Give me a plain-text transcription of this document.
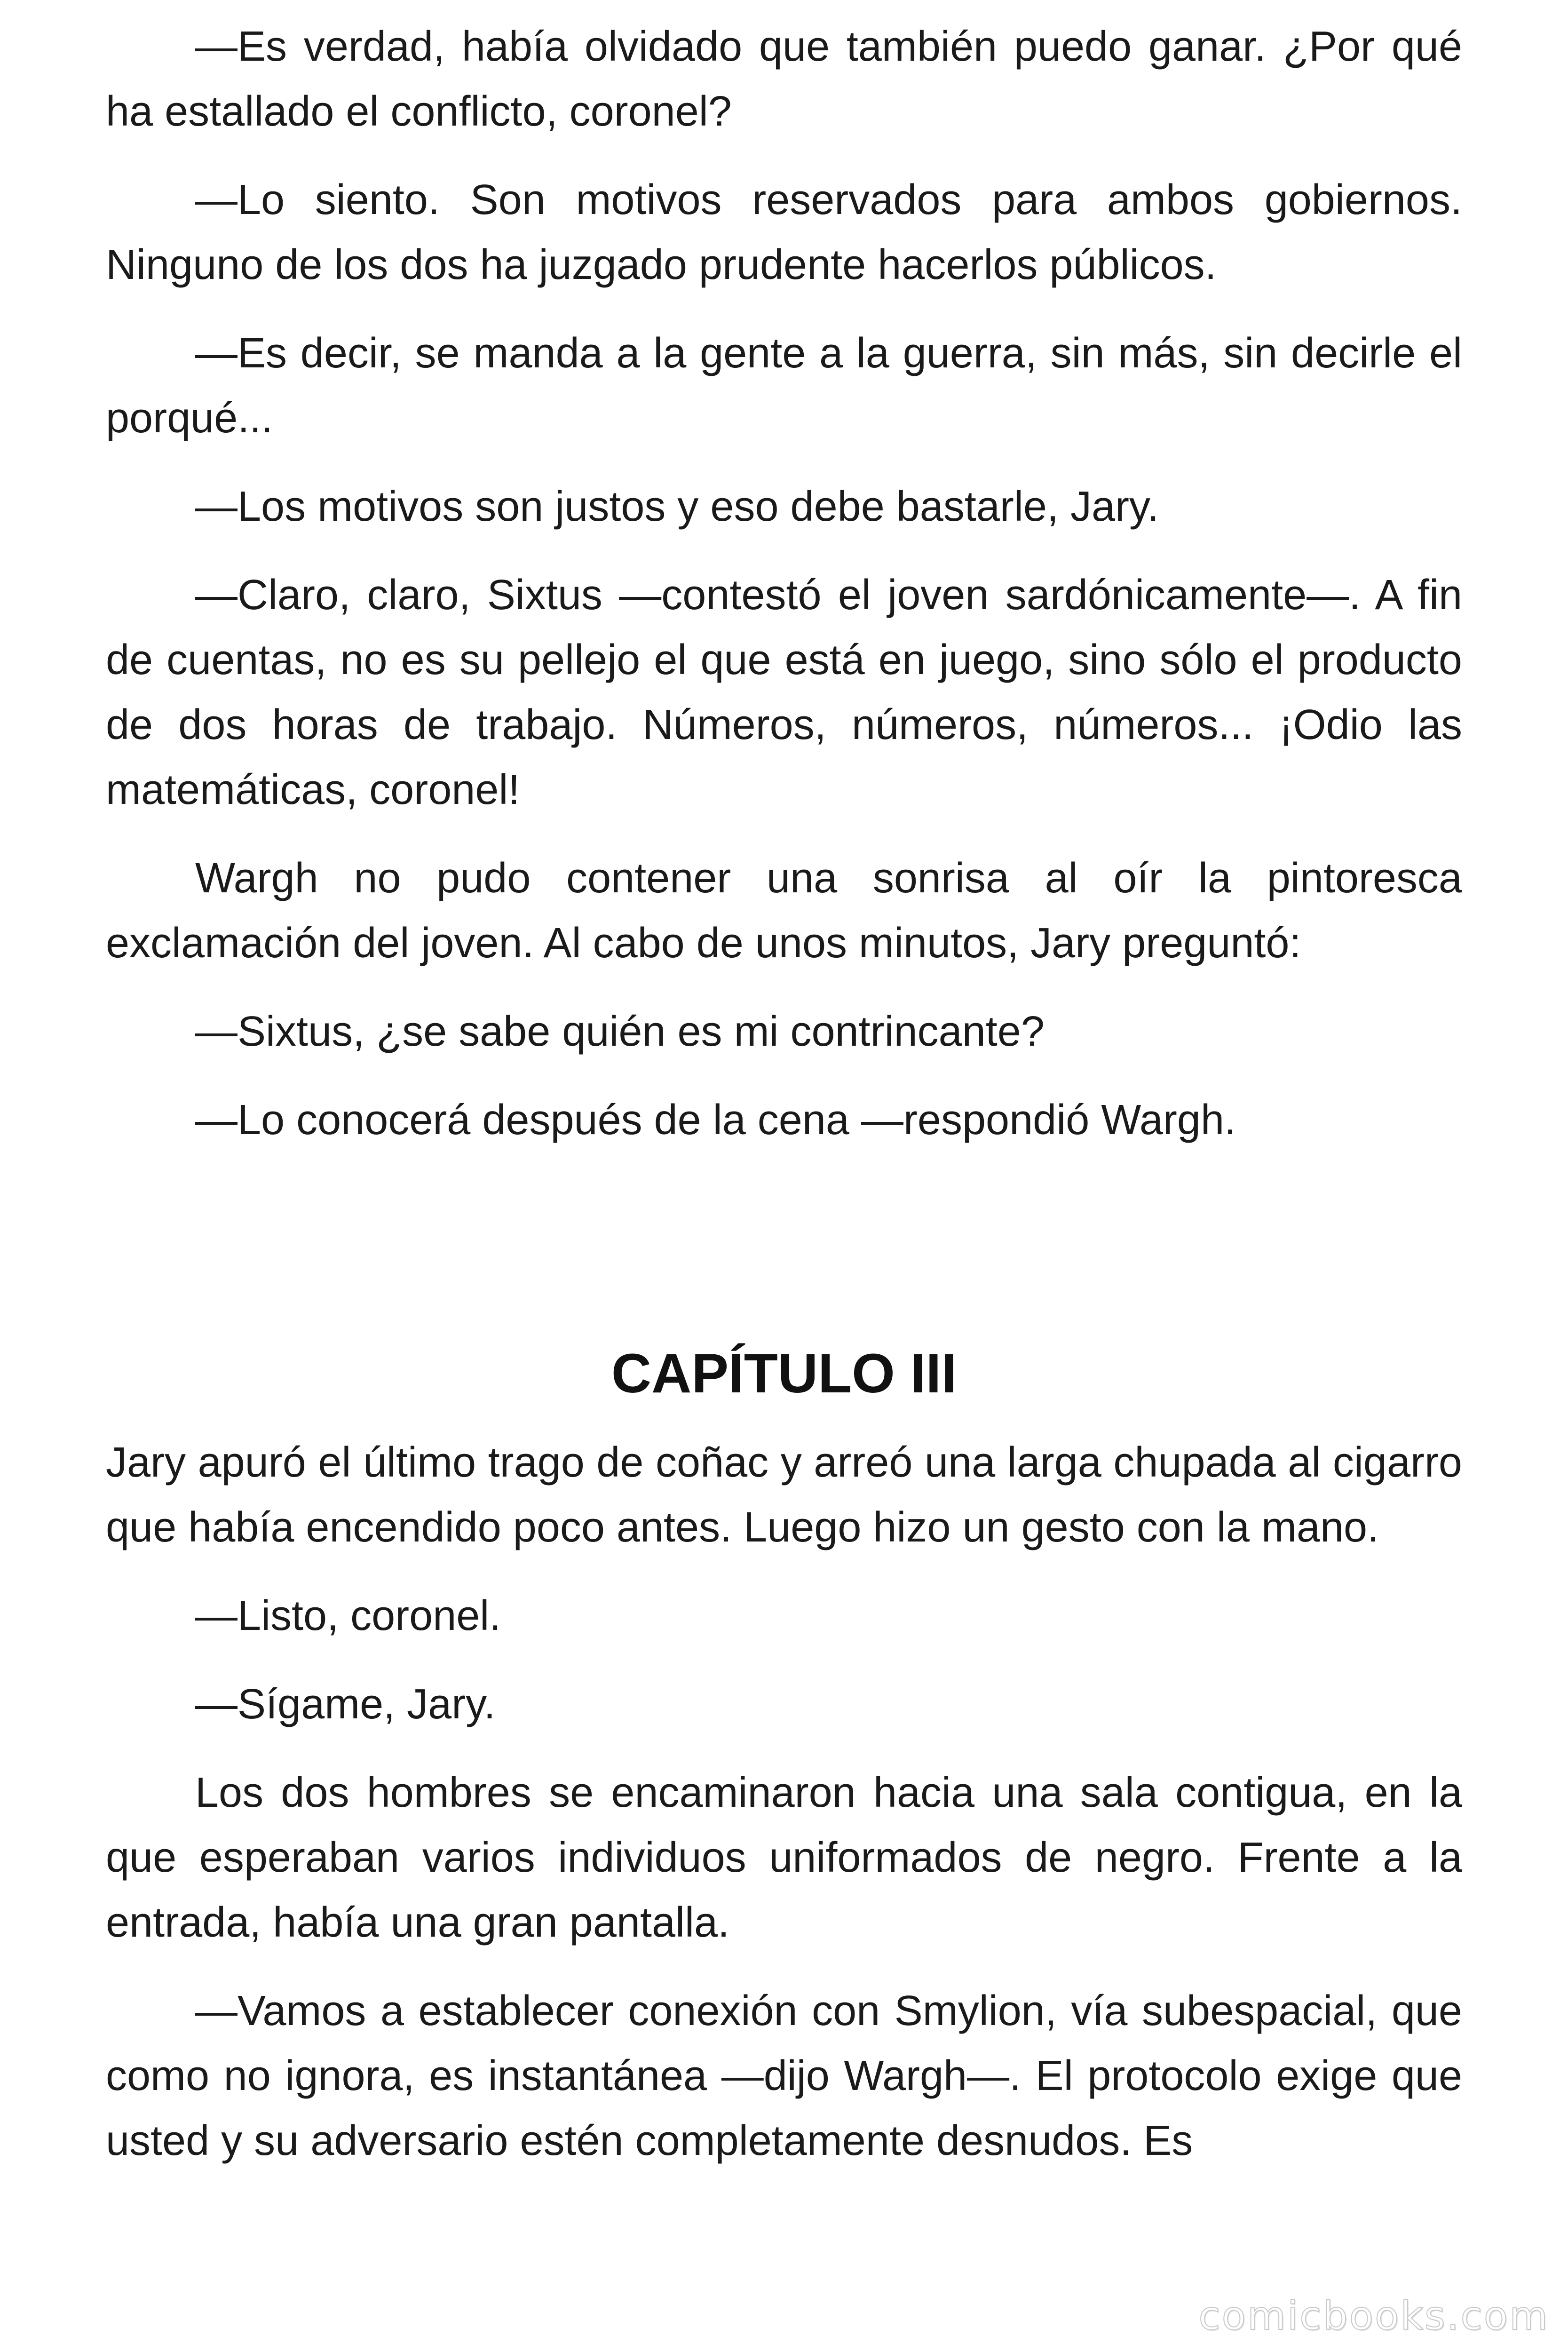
—Es verdad, había olvidado que también puedo ganar. ¿Por qué ha estallado el conflicto, coronel?

—Lo siento. Son motivos reservados para ambos gobiernos. Ninguno de los dos ha juzgado prudente hacerlos públicos.

—Es decir, se manda a la gente a la guerra, sin más, sin decirle el porqué...

—Los motivos son justos y eso debe bastarle, Jary.

—Claro, claro, Sixtus —contestó el joven sardónicamente—. A fin de cuentas, no es su pellejo el que está en juego, sino sólo el producto de dos horas de trabajo. Números, números, números... ¡Odio las matemáticas, coronel!

Wargh no pudo contener una sonrisa al oír la pintoresca exclamación del joven. Al cabo de unos minutos, Jary preguntó:

—Sixtus, ¿se sabe quién es mi contrincante?

—Lo conocerá después de la cena —respondió Wargh.

CAPÍTULO III

Jary apuró el último trago de coñac y arreó una larga chupada al cigarro que había encendido poco antes. Luego hizo un gesto con la mano.

—Listo, coronel.

—Sígame, Jary.

Los dos hombres se encaminaron hacia una sala contigua, en la que esperaban varios individuos uniformados de negro. Frente a la entrada, había una gran pantalla.

—Vamos a establecer conexión con Smylion, vía subespacial, que como no ignora, es instantánea —dijo Wargh—. El protocolo exige que usted y su adversario estén completamente desnudos. Es

comicbooks.com
